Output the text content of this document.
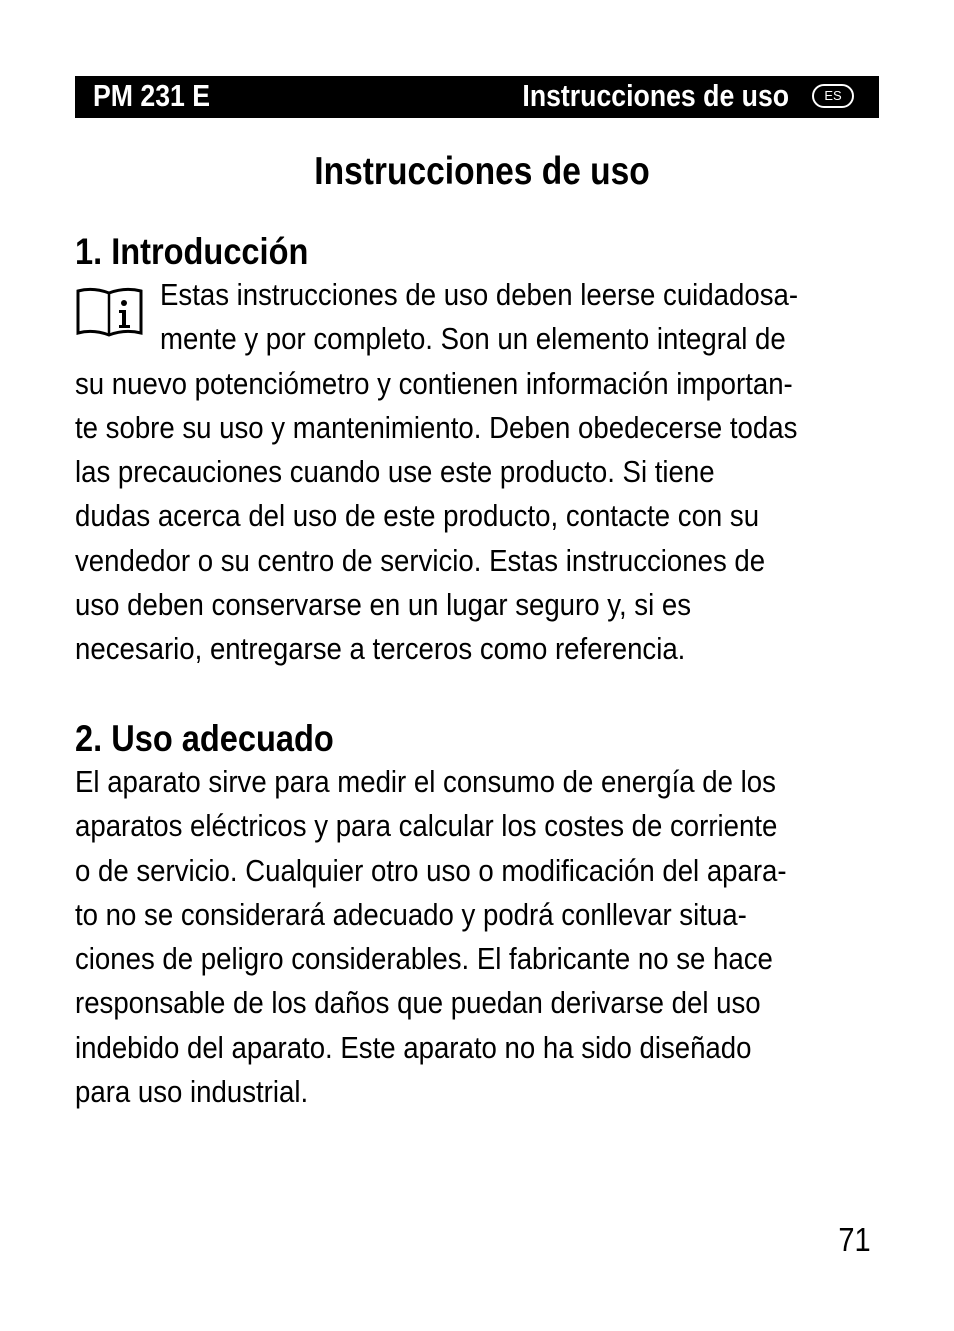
PM 231 E	Instrucciones de uso	ES
Instrucciones de uso
1. Introducción
Estas instrucciones de uso deben leerse cuidadosa-
mente y por completo. Son un elemento integral de
su nuevo potenciómetro y contienen información importan-
te sobre su uso y mantenimiento. Deben obedecerse todas
las precauciones cuando use este producto. Si tiene
dudas acerca del uso de este producto, contacte con su
vendedor o su centro de servicio. Estas instrucciones de
uso deben conservarse en un lugar seguro y, si es
necesario, entregarse a terceros como referencia.
2. Uso adecuado
El aparato sirve para medir el consumo de energía de los
aparatos eléctricos y para calcular los costes de corriente
o de servicio. Cualquier otro uso o modificación del apara-
to no se considerará adecuado y podrá conllevar situa-
ciones de peligro considerables. El fabricante no se hace
responsable de los daños que puedan derivarse del uso
indebido del aparato. Este aparato no ha sido diseñado
para uso industrial.
71
